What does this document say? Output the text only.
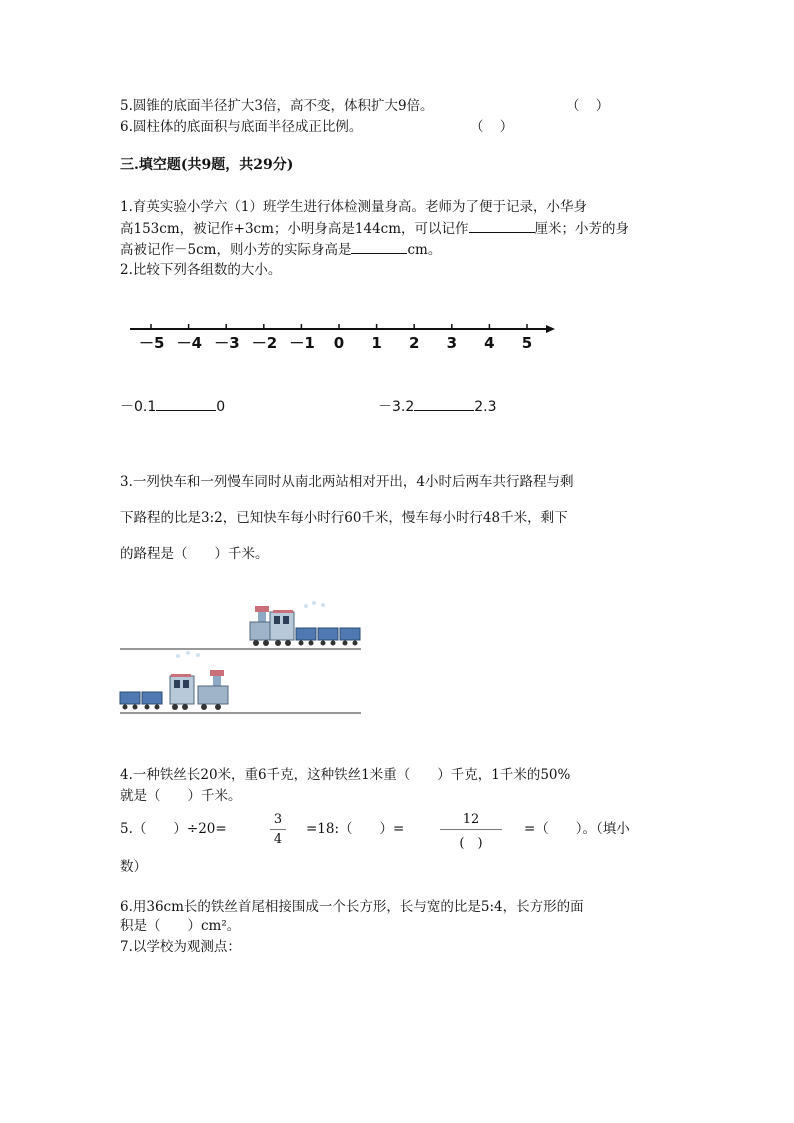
5.圆锥的底面半径扩大3倍，高不变，体积扩大9倍。	（ ）
6.圆柱体的底面积与底面半径成正比例。	（ ）
三.填空题(共9题，共29分)
1.育英实验小学六（1）班学生进行体检测量身高。老师为了便于记录，小华身
高153cm，被记作+3cm；小明身高是144cm，可以记作	厘米；小芳的身
高被记作－5cm，则小芳的实际身高是	cm。
2.比较下列各组数的大小。
－5 －4 －3 －2 －1	0	1	2	3	4	5
－0.1	0	－3.2	2.3
3.一列快车和一列慢车同时从南北两站相对开出，4小时后两车共行路程与剩
下路程的比是3:2，已知快车每小时行60千米，慢车每小时行48千米，剩下
的路程是（　　）千米。
4.一种铁丝长20米，重6千克，这种铁丝1米重（　　）千克，1千米的50%
就是（　　）千米。
5.（　　）÷20=
3
4
=18:（　　）=
12
(　)
=（　　）。（填小
数）
6.用36cm长的铁丝首尾相接围成一个长方形，长与宽的比是5:4，长方形的面
积是（　　）cm²。
7.以学校为观测点：
